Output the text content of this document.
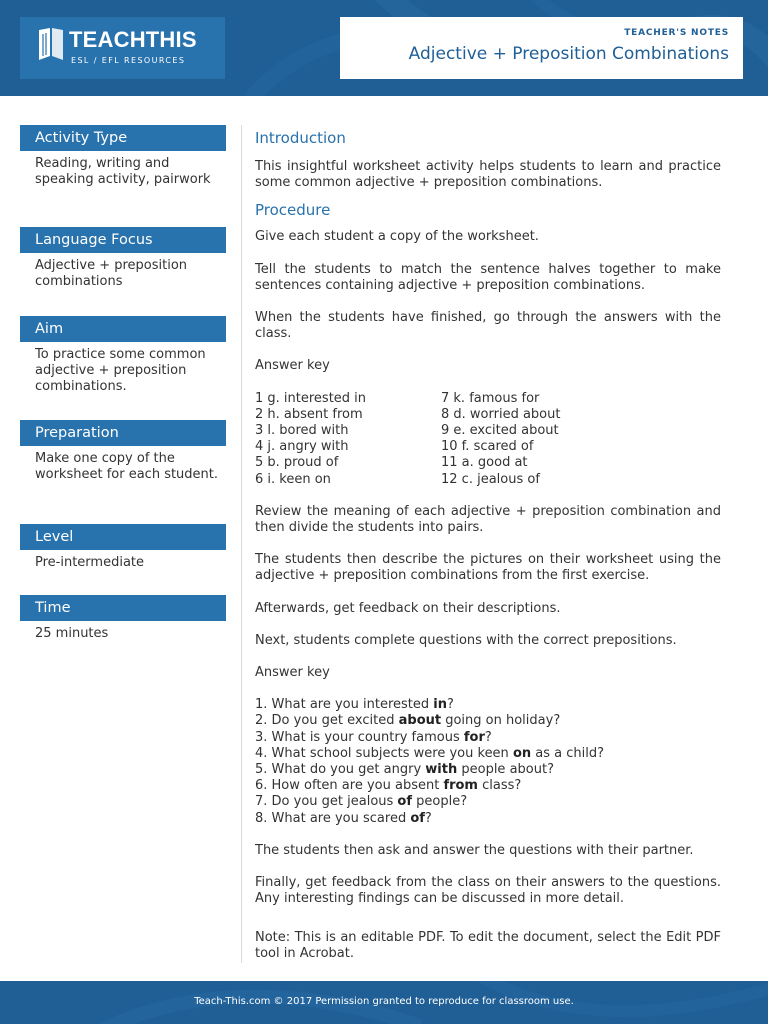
TEACHTHIS
ESL / EFL RESOURCES
TEACHER'S NOTES
Adjective + Preposition Combinations
Activity Type
Reading, writing and speaking activity, pairwork
Language Focus
Adjective + preposition combinations
Aim
To practice some common adjective + preposition combinations.
Preparation
Make one copy of the worksheet for each student.
Level
Pre-intermediate
Time
25 minutes
Introduction

This insightful worksheet activity helps students to learn and practice some common adjective + preposition combinations.

Procedure

Give each student a copy of the worksheet.

Tell the students to match the sentence halves together to make sentences containing adjective + preposition combinations.

When the students have finished, go through the answers with the class.

Answer key

1 g. interested in	7 k. famous for
2 h. absent from	8 d. worried about
3 l. bored with	9 e. excited about
4 j. angry with	10 f. scared of
5 b. proud of	11 a. good at
6 i. keen on	12 c. jealous of

Review the meaning of each adjective + preposition combination and then divide the students into pairs.

The students then describe the pictures on their worksheet using the adjective + preposition combinations from the first exercise.

Afterwards, get feedback on their descriptions.

Next, students complete questions with the correct prepositions.

Answer key

1. What are you interested in?
2. Do you get excited about going on holiday?
3. What is your country famous for?
4. What school subjects were you keen on as a child?
5. What do you get angry with people about?
6. How often are you absent from class?
7. Do you get jealous of people?
8. What are you scared of?

The students then ask and answer the questions with their partner.

Finally, get feedback from the class on their answers to the questions. Any interesting findings can be discussed in more detail.

Note: This is an editable PDF. To edit the document, select the Edit PDF tool in Acrobat.

Teach-This.com © 2017 Permission granted to reproduce for classroom use.
